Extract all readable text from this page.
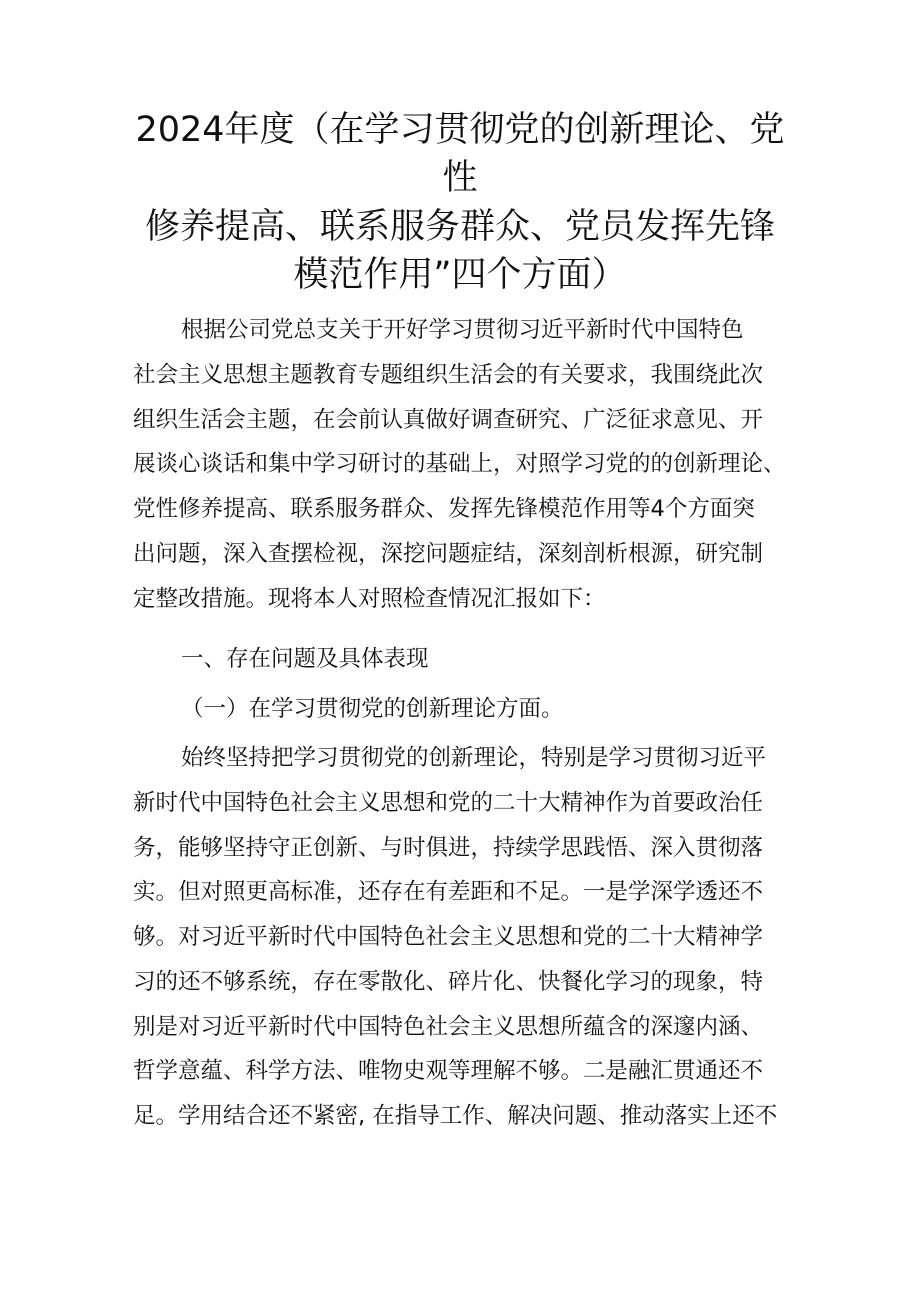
2024年度（在学习贯彻党的创新理论、党
性
修养提高、联系服务群众、党员发挥先锋
模范作用”四个方面）
根据公司党总支关于开好学习贯彻习近平新时代中国特色
社会主义思想主题教育专题组织生活会的有关要求，我围绕此次
组织生活会主题，在会前认真做好调查研究、广泛征求意见、开
展谈心谈话和集中学习研讨的基础上，对照学习党的的创新理论、
党性修养提高、联系服务群众、发挥先锋模范作用等4个方面突
出问题，深入查摆检视，深挖问题症结，深刻剖析根源，研究制
定整改措施。现将本人对照检查情况汇报如下：
一、存在问题及具体表现
（一）在学习贯彻党的创新理论方面。
始终坚持把学习贯彻党的创新理论，特别是学习贯彻习近平
新时代中国特色社会主义思想和党的二十大精神作为首要政治任
务，能够坚持守正创新、与时俱进，持续学思践悟、深入贯彻落
实。但对照更高标准，还存在有差距和不足。一是学深学透还不
够。对习近平新时代中国特色社会主义思想和党的二十大精神学
习的还不够系统，存在零散化、碎片化、快餐化学习的现象，特
别是对习近平新时代中国特色社会主义思想所蕴含的深邃内涵、
哲学意蕴、科学方法、唯物史观等理解不够。二是融汇贯通还不
足。学用结合还不紧密, 在指导工作、解决问题、推动落实上还不
